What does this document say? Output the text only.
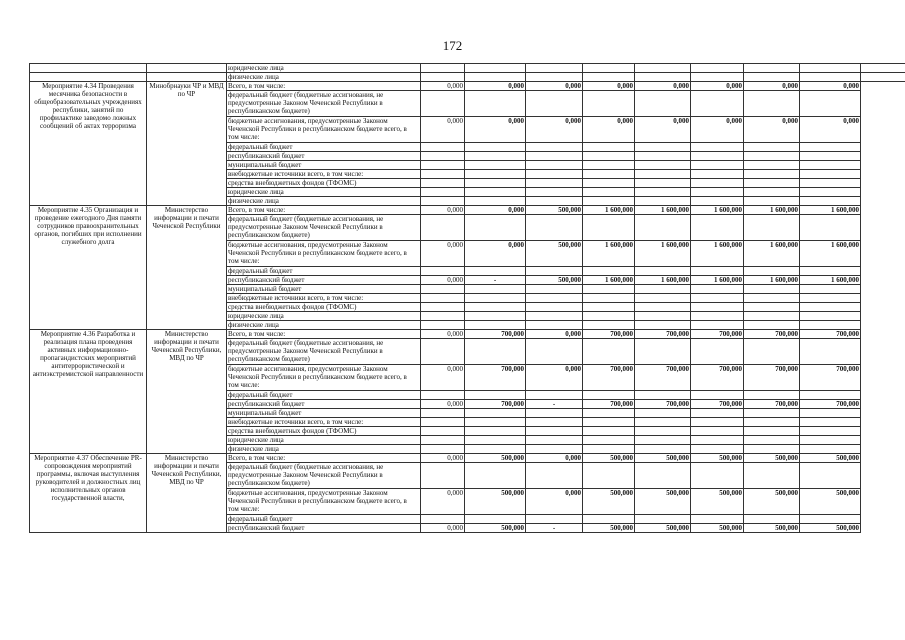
172
		юридические лица									
		физические лица									
Мероприятие 4.34 Проведения месячника безопасности в общеобразовательных учреждениях республики, занятий по профилактике заведомо ложных сообщений об актах терроризма	Минобрнауки ЧР и МВД по ЧР	Всего, в том числе:	0,000	0,000	0,000	0,000	0,000	0,000	0,000	0,000	
		федеральный бюджет (бюджетные ассигнования, не предусмотренные Законом Чеченской Республики в республиканском бюджете)									
		бюджетные ассигнования, предусмотренные Законом Чеченской Республики в республиканском бюджете всего, в том числе:	0,000	0,000	0,000	0,000	0,000	0,000	0,000	0,000	
		федеральный бюджет									
		республиканский бюджет									
		муниципальный бюджет									
		внебюджетные источники всего, в том числе:									
		средства внебюджетных фондов (ТФОМС)									
		юридические лица									
		физические лица									
Мероприятие 4.35 Организация и проведение ежегодного Дня памяти сотрудников правоохранительных органов, погибших при исполнении служебного долга	Министерство информации и печати Чеченской Республики	Всего, в том числе:	0,000	0,000	500,000	1 600,000	1 600,000	1 600,000	1 600,000	1 600,000	
		федеральный бюджет (бюджетные ассигнования, не предусмотренные Законом Чеченской Республики в республиканском бюджете)									
		бюджетные ассигнования, предусмотренные Законом Чеченской Республики в республиканском бюджете всего, в том числе:	0,000	0,000	500,000	1 600,000	1 600,000	1 600,000	1 600,000	1 600,000	
		федеральный бюджет									
		республиканский бюджет	0,000	-	500,000	1 600,000	1 600,000	1 600,000	1 600,000	1 600,000	
		муниципальный бюджет									
		внебюджетные источники всего, в том числе:									
		средства внебюджетных фондов (ТФОМС)									
		юридические лица									
		физические лица									
Мероприятие 4.36 Разработка и реализация плана проведения активных информационно-пропагандистских мероприятий антитеррористической и антиэкстремистской направленности	Министерство информации и печати Чеченской Республики, МВД по ЧР	Всего, в том числе:	0,000	700,000	0,000	700,000	700,000	700,000	700,000	700,000	
		федеральный бюджет (бюджетные ассигнования, не предусмотренные Законом Чеченской Республики в республиканском бюджете)									
		бюджетные ассигнования, предусмотренные Законом Чеченской Республики в республиканском бюджете всего, в том числе:	0,000	700,000	0,000	700,000	700,000	700,000	700,000	700,000	
		федеральный бюджет									
		республиканский бюджет	0,000	700,000	-	700,000	700,000	700,000	700,000	700,000	
		муниципальный бюджет									
		внебюджетные источники всего, в том числе:									
		средства внебюджетных фондов (ТФОМС)									
		юридические лица									
		физические лица									
Мероприятие 4.37 Обеспечение PR-сопровождения мероприятий программы, включая выступления руководителей и должностных лиц исполнительных органов государственной власти,	Министерство информации и печати Чеченской Республики, МВД по ЧР	Всего, в том числе:	0,000	500,000	0,000	500,000	500,000	500,000	500,000	500,000	
		федеральный бюджет (бюджетные ассигнования, не предусмотренные Законом Чеченской Республики в республиканском бюджете)									
		бюджетные ассигнования, предусмотренные Законом Чеченской Республики в республиканском бюджете всего, в том числе:	0,000	500,000	0,000	500,000	500,000	500,000	500,000	500,000	
		федеральный бюджет									
		республиканский бюджет	0,000	500,000	-	500,000	500,000	500,000	500,000	500,000	
